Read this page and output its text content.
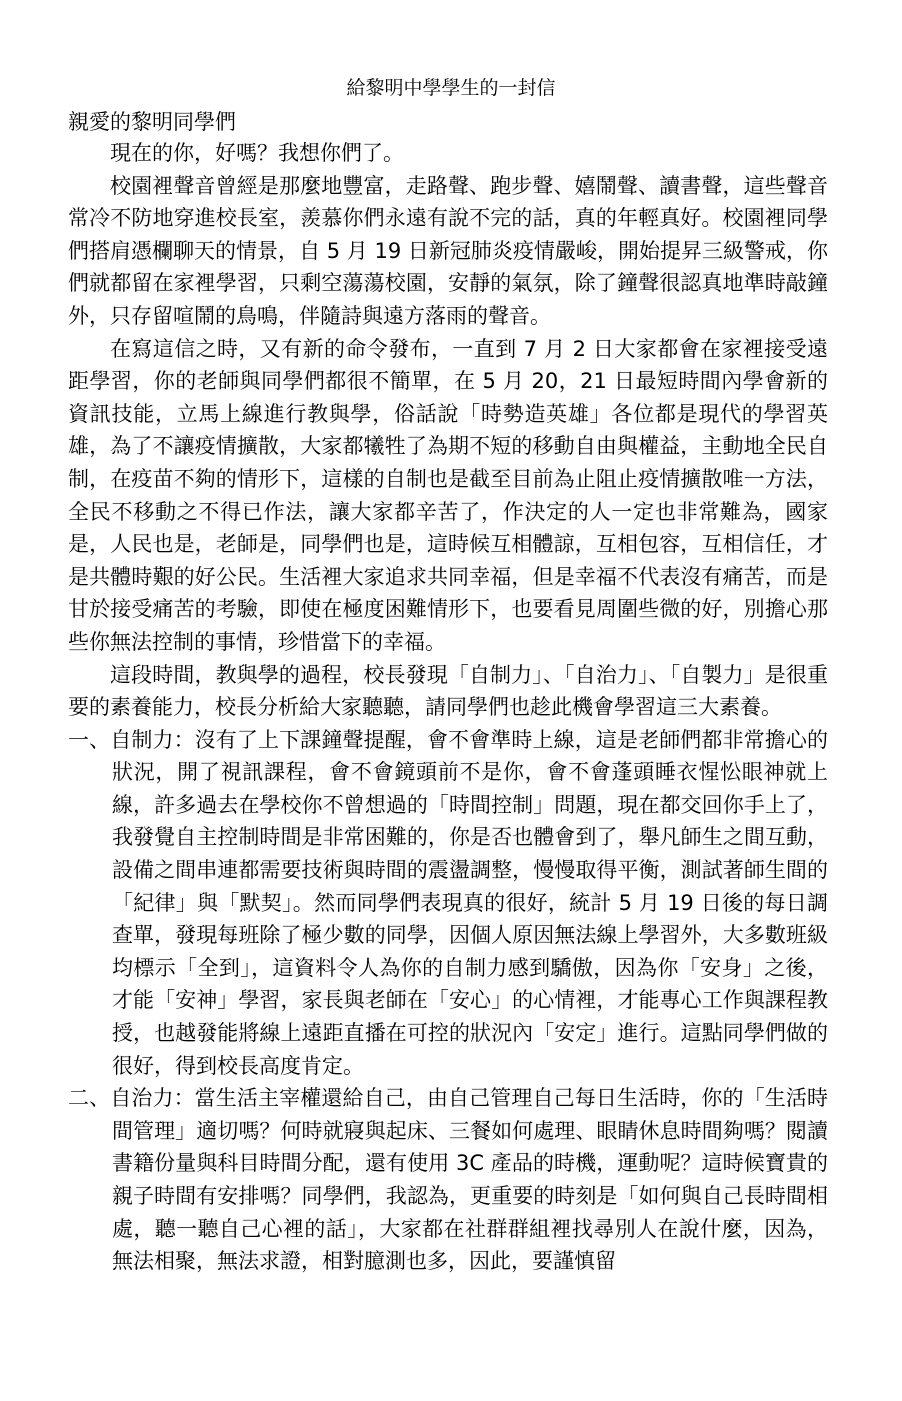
給黎明中學學生的一封信

親愛的黎明同學們

現在的你，好嗎？我想你們了。

校園裡聲音曾經是那麼地豐富，走路聲、跑步聲、嬉鬧聲、讀書聲，這些聲音常冷不防地穿進校長室，羨慕你們永遠有說不完的話，真的年輕真好。校園裡同學們搭肩憑欄聊天的情景，自 5 月 19 日新冠肺炎疫情嚴峻，開始提昇三級警戒，你們就都留在家裡學習，只剩空蕩蕩校園，安靜的氣氛，除了鐘聲很認真地準時敲鐘外，只存留喧鬧的鳥鳴，伴隨詩與遠方落雨的聲音。

在寫這信之時，又有新的命令發布，一直到 7 月 2 日大家都會在家裡接受遠距學習，你的老師與同學們都很不簡單，在 5 月 20，21 日最短時間內學會新的資訊技能，立馬上線進行教與學，俗話說「時勢造英雄」各位都是現代的學習英雄，為了不讓疫情擴散，大家都犧牲了為期不短的移動自由與權益，主動地全民自制，在疫苗不夠的情形下，這樣的自制也是截至目前為止阻止疫情擴散唯一方法，全民不移動之不得已作法，讓大家都辛苦了，作決定的人一定也非常難為，國家是，人民也是，老師是，同學們也是，這時候互相體諒，互相包容，互相信任，才是共體時艱的好公民。生活裡大家追求共同幸福，但是幸福不代表沒有痛苦，而是甘於接受痛苦的考驗，即使在極度困難情形下，也要看見周圍些微的好，別擔心那些你無法控制的事情，珍惜當下的幸福。

這段時間，教與學的過程，校長發現「自制力」、「自治力」、「自製力」是很重要的素養能力，校長分析給大家聽聽，請同學們也趁此機會學習這三大素養。

一、自制力：沒有了上下課鐘聲提醒，會不會準時上線，這是老師們都非常擔心的狀況，開了視訊課程，會不會鏡頭前不是你，會不會蓬頭睡衣惺忪眼神就上線，許多過去在學校你不曾想過的「時間控制」問題，現在都交回你手上了，我發覺自主控制時間是非常困難的，你是否也體會到了，舉凡師生之間互動，設備之間串連都需要技術與時間的震盪調整，慢慢取得平衡，測試著師生間的「紀律」與「默契」。然而同學們表現真的很好，統計 5 月 19 日後的每日調查單，發現每班除了極少數的同學，因個人原因無法線上學習外，大多數班級均標示「全到」，這資料令人為你的自制力感到驕傲，因為你「安身」之後，才能「安神」學習，家長與老師在「安心」的心情裡，才能專心工作與課程教授，也越發能將線上遠距直播在可控的狀況內「安定」進行。這點同學們做的很好，得到校長高度肯定。

二、自治力：當生活主宰權還給自己，由自己管理自己每日生活時，你的「生活時間管理」適切嗎？何時就寢與起床、三餐如何處理、眼睛休息時間夠嗎？閱讀書籍份量與科目時間分配，還有使用 3C 產品的時機，運動呢？這時候寶貴的親子時間有安排嗎？同學們，我認為，更重要的時刻是「如何與自己長時間相處，聽一聽自己心裡的話」，大家都在社群群組裡找尋別人在說什麼，因為，無法相聚，無法求證，相對臆測也多，因此，要謹慎留
